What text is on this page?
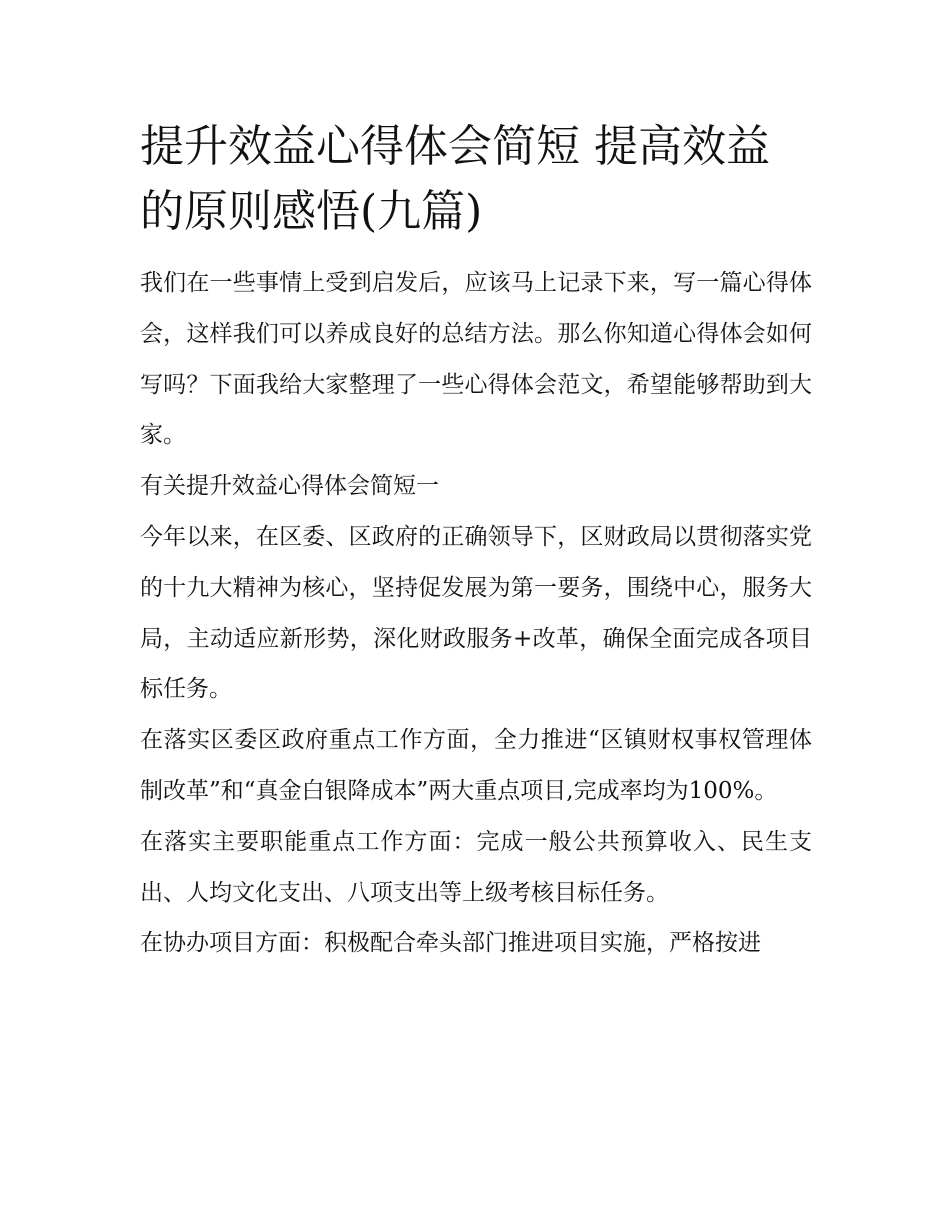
提升效益心得体会简短 提高效益的原则感悟(九篇)

我们在一些事情上受到启发后，应该马上记录下来，写一篇心得体会，这样我们可以养成良好的总结方法。那么你知道心得体会如何写吗？下面我给大家整理了一些心得体会范文，希望能够帮助到大家。

有关提升效益心得体会简短一

今年以来，在区委、区政府的正确领导下，区财政局以贯彻落实党的十九大精神为核心，坚持促发展为第一要务，围绕中心，服务大局，主动适应新形势，深化财政服务+改革，确保全面完成各项目标任务。

在落实区委区政府重点工作方面，全力推进“区镇财权事权管理体制改革”和“真金白银降成本”两大重点项目,完成率均为100%。

在落实主要职能重点工作方面：完成一般公共预算收入、民生支出、人均文化支出、八项支出等上级考核目标任务。

在协办项目方面：积极配合牵头部门推进项目实施，严格按进
